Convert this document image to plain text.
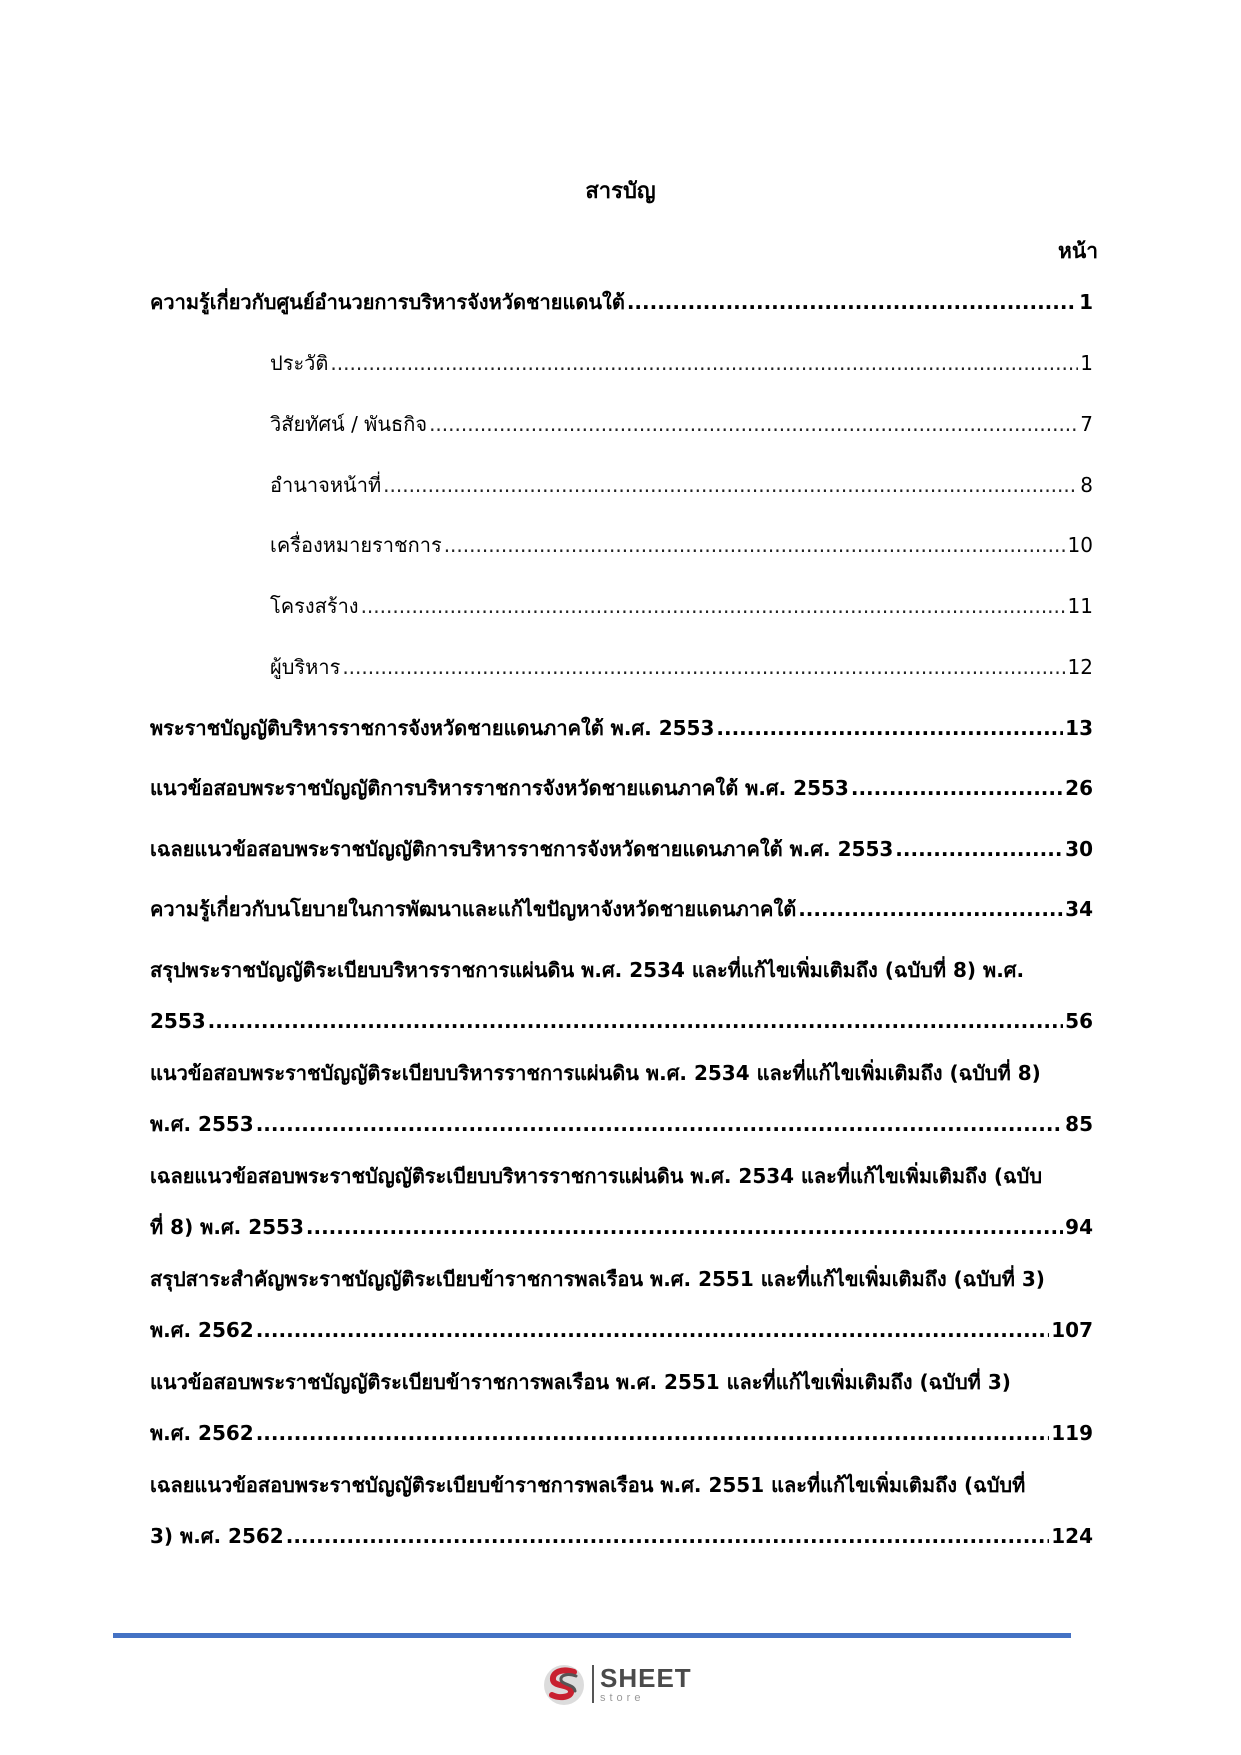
สารบัญ
หน้า
ความรู้เกี่ยวกับศูนย์อำนวยการบริหารจังหวัดชายแดนใต้ .....	1
ประวัติ .....	1
วิสัยทัศน์ / พันธกิจ .....	7
อำนาจหน้าที่ .....	8
เครื่องหมายราชการ .....	10
โครงสร้าง .....	11
ผู้บริหาร .....	12
พระราชบัญญัติบริหารราชการจังหวัดชายแดนภาคใต้ พ.ศ. 2553 .....	13
แนวข้อสอบพระราชบัญญัติการบริหารราชการจังหวัดชายแดนภาคใต้ พ.ศ. 2553 .....	26
เฉลยแนวข้อสอบพระราชบัญญัติการบริหารราชการจังหวัดชายแดนภาคใต้ พ.ศ. 2553 .....	30
ความรู้เกี่ยวกับนโยบายในการพัฒนาและแก้ไขปัญหาจังหวัดชายแดนภาคใต้ .....	34
สรุปพระราชบัญญัติระเบียบบริหารราชการแผ่นดิน พ.ศ. 2534 และที่แก้ไขเพิ่มเติมถึง (ฉบับที่ 8) พ.ศ.
2553 .....	56
แนวข้อสอบพระราชบัญญัติระเบียบบริหารราชการแผ่นดิน พ.ศ. 2534 และที่แก้ไขเพิ่มเติมถึง (ฉบับที่ 8)
พ.ศ. 2553 .....	85
เฉลยแนวข้อสอบพระราชบัญญัติระเบียบบริหารราชการแผ่นดิน พ.ศ. 2534 และที่แก้ไขเพิ่มเติมถึง (ฉบับ
ที่ 8) พ.ศ. 2553 .....	94
สรุปสาระสำคัญพระราชบัญญัติระเบียบข้าราชการพลเรือน พ.ศ. 2551 และที่แก้ไขเพิ่มเติมถึง (ฉบับที่ 3)
พ.ศ. 2562 .....	107
แนวข้อสอบพระราชบัญญัติระเบียบข้าราชการพลเรือน พ.ศ. 2551 และที่แก้ไขเพิ่มเติมถึง (ฉบับที่ 3)
พ.ศ. 2562 .....	119
เฉลยแนวข้อสอบพระราชบัญญัติระเบียบข้าราชการพลเรือน พ.ศ. 2551 และที่แก้ไขเพิ่มเติมถึง (ฉบับที่
3) พ.ศ. 2562 .....	124
SHEET
store
